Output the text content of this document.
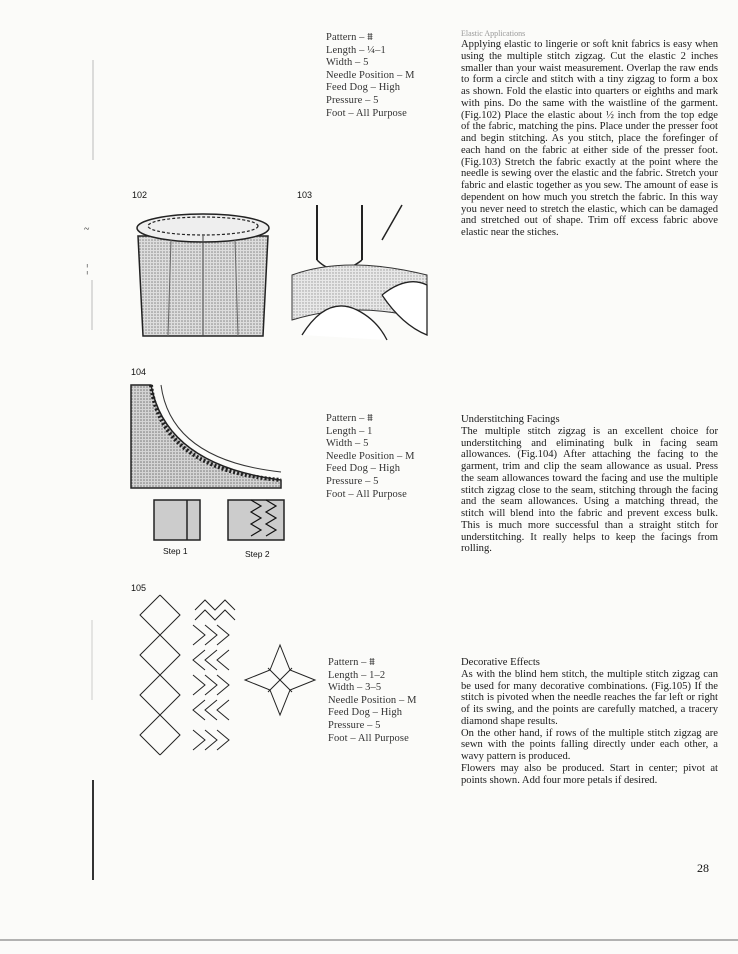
~
¦
Pattern – ⩩
Length – ¼–1
Width – 5
Needle Position – M
Feed Dog – High
Pressure – 5
Foot – All Purpose

Elastic Applications

Applying elastic to lingerie or soft knit fabrics is easy when using the multiple stitch zigzag. Cut the elastic 2 inches smaller than your waist measurement. Overlap the raw ends to form a circle and stitch with a tiny zigzag to form a box as shown. Fold the elastic into quarters or eighths and mark with pins. Do the same with the waistline of the garment. (Fig.102) Place the elastic about ½ inch from the top edge of the fabric, matching the pins. Place under the presser foot and begin stitching. As you stitch, place the forefinger of each hand on the fabric at either side of the presser foot. (Fig.103) Stretch the fabric exactly at the point where the needle is sewing over the elastic and the fabric. Stretch your fabric and elastic together as you sew. The amount of ease is dependent on how much you stretch the fabric. In this way you never need to stretch the elastic, which can be damaged and stretched out of shape. Trim off excess fabric above elastic near the stiches.

102	103
104
Step 1	Step 2
Pattern – ⩩
Length – 1
Width – 5
Needle Position – M
Feed Dog – High
Pressure – 5
Foot – All Purpose

Understitching Facings

The multiple stitch zigzag is an excellent choice for understitching and eliminating bulk in facing seam allowances. (Fig.104) After attaching the facing to the garment, trim and clip the seam allowance as usual. Press the seam allowances toward the facing and use the multiple stitch zigzag close to the seam, stitching through the facing and the seam allowances. Using a matching thread, the stitch will blend into the fabric and prevent excess bulk. This is much more successful than a straight stitch for understitching. It really helps to keep the facings from rolling.

105
Pattern – ⩩
Length – 1–2
Width – 3–5
Needle Position – M
Feed Dog – High
Pressure – 5
Foot – All Purpose

Decorative Effects

As with the blind hem stitch, the multiple stitch zigzag can be used for many decorative combinations. (Fig.105) If the stitch is pivoted when the needle reaches the far left or right of its swing, and the points are carefully matched, a tracery diamond shape results.

On the other hand, if rows of the multiple stitch zigzag are sewn with the points falling directly under each other, a wavy pattern is produced.

Flowers may also be produced. Start in center; pivot at points shown. Add four more petals if desired.

28
